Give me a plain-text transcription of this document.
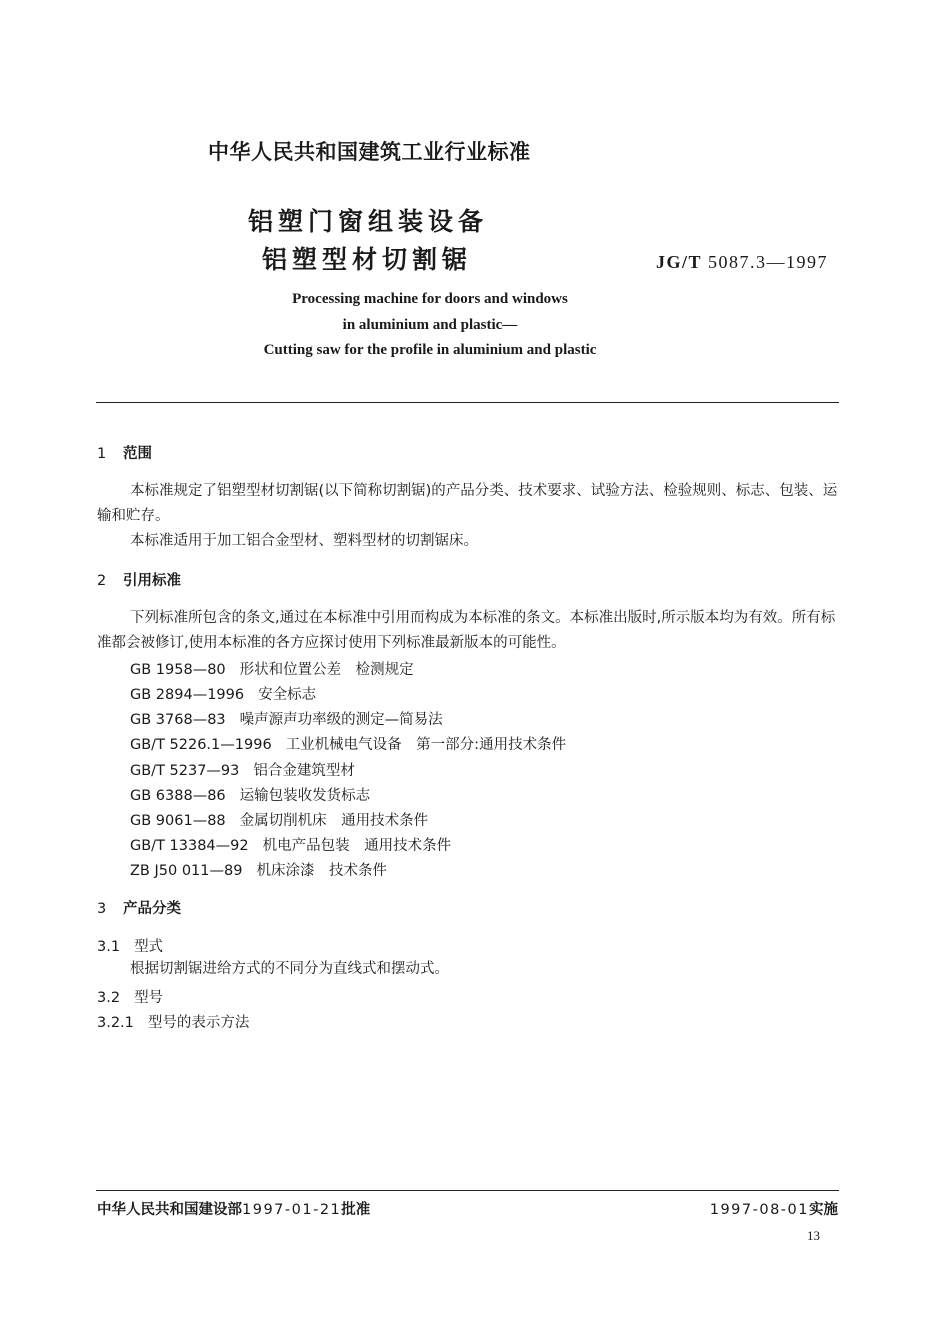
中华人民共和国建筑工业行业标准
铝塑门窗组装设备
铝塑型材切割锯	JG/T 5087.3—1997
Processing machine for doors and windows
in aluminium and plastic—
Cutting saw for the profile in aluminium and plastic
1 范围
本标准规定了铝塑型材切割锯(以下简称切割锯)的产品分类、技术要求、试验方法、检验规则、标志、包装、运输和贮存。
本标准适用于加工铝合金型材、塑料型材的切割锯床。
2 引用标准
下列标准所包含的条文,通过在本标准中引用而构成为本标准的条文。本标准出版时,所示版本均为有效。所有标准都会被修订,使用本标准的各方应探讨使用下列标准最新版本的可能性。
GB 1958—80 形状和位置公差　检测规定
GB 2894—1996 安全标志
GB 3768—83 噪声源声功率级的测定—简易法
GB/T 5226.1—1996 工业机械电气设备　第一部分:通用技术条件
GB/T 5237—93 铝合金建筑型材
GB 6388—86 运输包装收发货标志
GB 9061—88 金属切削机床　通用技术条件
GB/T 13384—92 机电产品包装　通用技术条件
ZB J50 011—89 机床涂漆　技术条件
3 产品分类
3.1 型式
根据切割锯进给方式的不同分为直线式和摆动式。
3.2 型号
3.2.1 型号的表示方法
中华人民共和国建设部1997-01-21批准	1997-08-01实施
13
